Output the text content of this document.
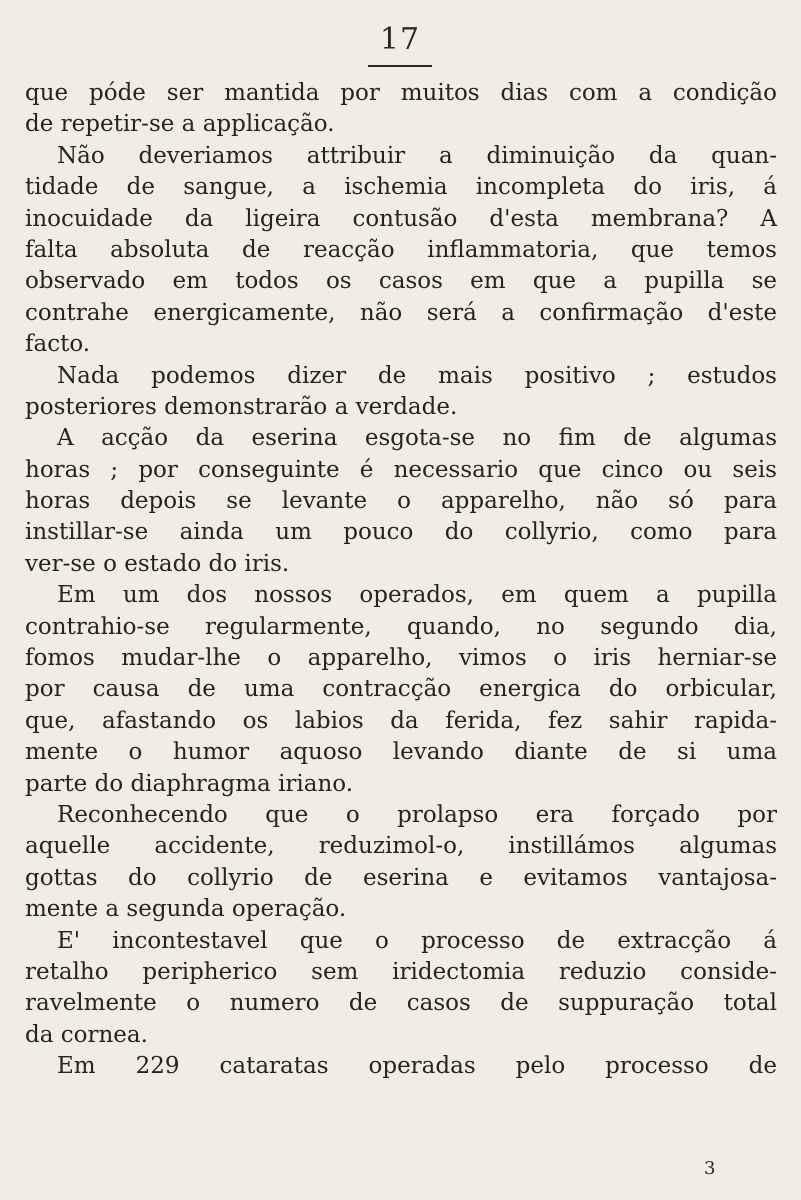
17
que póde ser mantida por muitos dias com a condição
de repetir-se a applicação.
Não deveriamos attribuir a diminuição da quan-
tidade de sangue, a ischemia incompleta do iris, á
inocuidade da ligeira contusão d'esta membrana? A
falta absoluta de reacção inflammatoria, que temos
observado em todos os casos em que a pupilla se
contrahe energicamente, não será a confirmação d'este
facto.
Nada podemos dizer de mais positivo ; estudos
posteriores demonstrarão a verdade.
A acção da eserina esgota-se no fim de algumas
horas ; por conseguinte é necessario que cinco ou seis
horas depois se levante o apparelho, não só para
instillar-se ainda um pouco do collyrio, como para
ver-se o estado do iris.
Em um dos nossos operados, em quem a pupilla
contrahio-se regularmente, quando, no segundo dia,
fomos mudar-lhe o apparelho, vimos o iris herniar-se
por causa de uma contracção energica do orbicular,
que, afastando os labios da ferida, fez sahir rapida-
mente o humor aquoso levando diante de si uma
parte do diaphragma iriano.
Reconhecendo que o prolapso era forçado por
aquelle accidente, reduzimol-o, instillámos algumas
gottas do collyrio de eserina e evitamos vantajosa-
mente a segunda operação.
E' incontestavel que o processo de extracção á
retalho peripherico sem iridectomia reduzio conside-
ravelmente o numero de casos de suppuração total
da cornea.
Em 229 cataratas operadas pelo processo de
3
